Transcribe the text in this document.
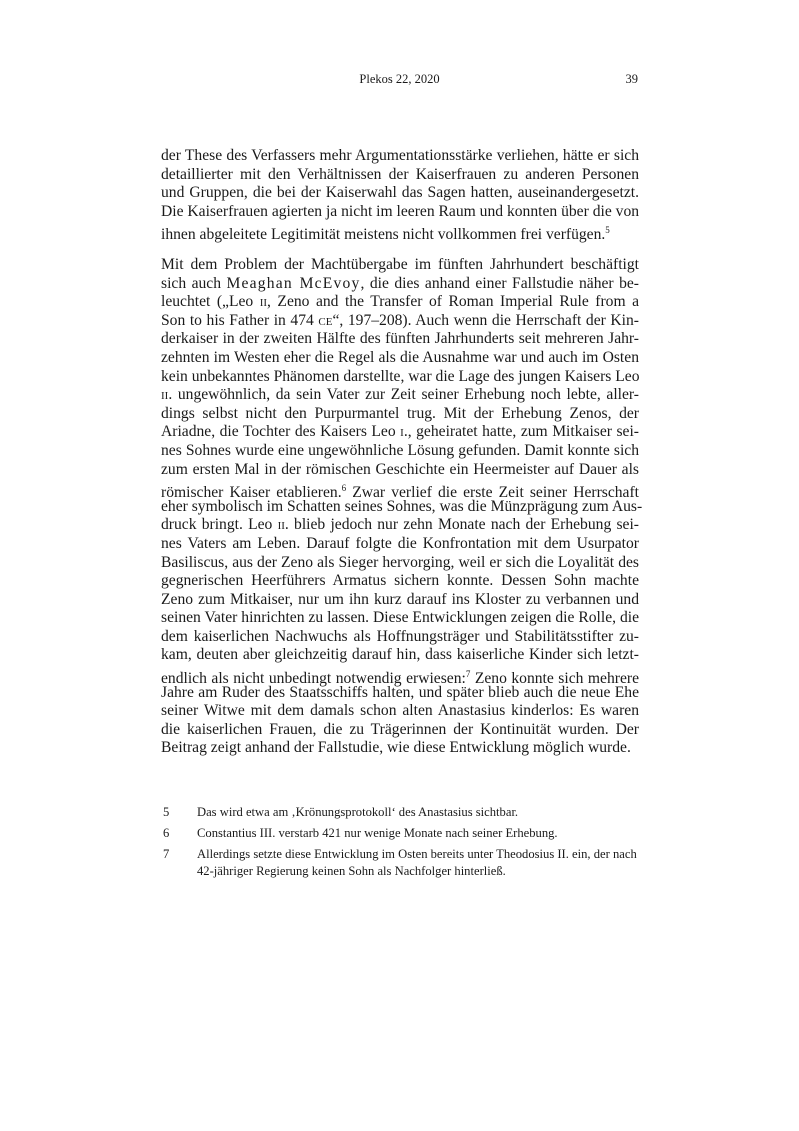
Plekos 22, 2020	39
der These des Verfassers mehr Argumentationsstärke verliehen, hätte er sich
detaillierter mit den Verhältnissen der Kaiserfrauen zu anderen Personen
und Gruppen, die bei der Kaiserwahl das Sagen hatten, auseinandergesetzt.
Die Kaiserfrauen agierten ja nicht im leeren Raum und konnten über die von
ihnen abgeleitete Legitimität meistens nicht vollkommen frei verfügen.$^5$
Mit dem Problem der Machtübergabe im fünften Jahrhundert beschäftigt
sich auch Meaghan McEvoy, die dies anhand einer Fallstudie näher be-
leuchtet („Leo ii, Zeno and the Transfer of Roman Imperial Rule from a
Son to his Father in 474 ce“, 197–208). Auch wenn die Herrschaft der Kin-
derkaiser in der zweiten Hälfte des fünften Jahrhunderts seit mehreren Jahr-
zehnten im Westen eher die Regel als die Ausnahme war und auch im Osten
kein unbekanntes Phänomen darstellte, war die Lage des jungen Kaisers Leo
ii. ungewöhnlich, da sein Vater zur Zeit seiner Erhebung noch lebte, aller-
dings selbst nicht den Purpurmantel trug. Mit der Erhebung Zenos, der
Ariadne, die Tochter des Kaisers Leo i., geheiratet hatte, zum Mitkaiser sei-
nes Sohnes wurde eine ungewöhnliche Lösung gefunden. Damit konnte sich
zum ersten Mal in der römischen Geschichte ein Heermeister auf Dauer als
römischer Kaiser etablieren.$^6$ Zwar verlief die erste Zeit seiner Herrschaft
eher symbolisch im Schatten seines Sohnes, was die Münzprägung zum Aus-
druck bringt. Leo ii. blieb jedoch nur zehn Monate nach der Erhebung sei-
nes Vaters am Leben. Darauf folgte die Konfrontation mit dem Usurpator
Basiliscus, aus der Zeno als Sieger hervorging, weil er sich die Loyalität des
gegnerischen Heerführers Armatus sichern konnte. Dessen Sohn machte
Zeno zum Mitkaiser, nur um ihn kurz darauf ins Kloster zu verbannen und
seinen Vater hinrichten zu lassen. Diese Entwicklungen zeigen die Rolle, die
dem kaiserlichen Nachwuchs als Hoffnungsträger und Stabilitätsstifter zu-
kam, deuten aber gleichzeitig darauf hin, dass kaiserliche Kinder sich letzt-
endlich als nicht unbedingt notwendig erwiesen:$^7$ Zeno konnte sich mehrere
Jahre am Ruder des Staatsschiffs halten, und später blieb auch die neue Ehe
seiner Witwe mit dem damals schon alten Anastasius kinderlos: Es waren
die kaiserlichen Frauen, die zu Trägerinnen der Kontinuität wurden. Der
Beitrag zeigt anhand der Fallstudie, wie diese Entwicklung möglich wurde.
5 Das wird etwa am ‚Krönungsprotokoll‘ des Anastasius sichtbar.
6 Constantius III. verstarb 421 nur wenige Monate nach seiner Erhebung.
7 Allerdings setzte diese Entwicklung im Osten bereits unter Theodosius II. ein, der nach 42-jähriger Regierung keinen Sohn als Nachfolger hinterließ.
